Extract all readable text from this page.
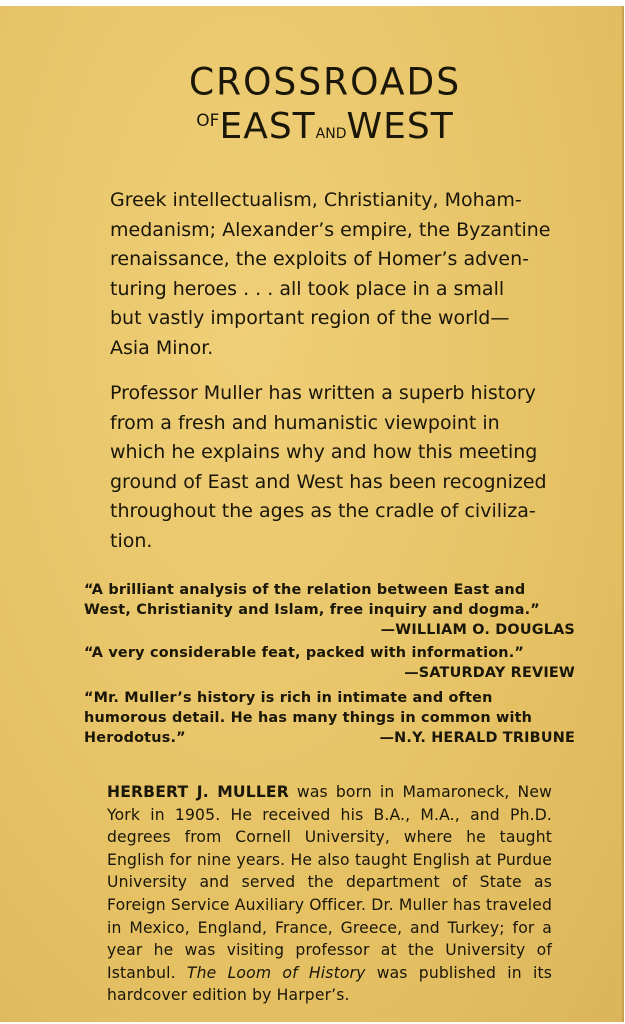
CROSSROADS
$^{OF}$EASTANDWEST
Greek intellectualism, Christianity, Moham-
medanism; Alexander’s empire, the Byzantine
renaissance, the exploits of Homer’s adven-
turing heroes . . . all took place in a small
but vastly important region of the world—
Asia Minor.
Professor Muller has written a superb history
from a fresh and humanistic viewpoint in
which he explains why and how this meeting
ground of East and West has been recognized
throughout the ages as the cradle of civiliza-
tion.
“A brilliant analysis of the relation between East and
West, Christianity and Islam, free inquiry and dogma.”
—WILLIAM O. DOUGLAS
“A very considerable feat, packed with information.”
—SATURDAY REVIEW
“Mr. Muller’s history is rich in intimate and often
humorous detail. He has many things in common with
Herodotus.”	—N.Y. HERALD TRIBUNE
HERBERT J. MULLER was born in Mamaroneck, New York in 1905. He received his B.A., M.A., and Ph.D. degrees from Cornell University, where he taught English for nine years. He also taught English at Purdue University and served the department of State as Foreign Service Auxiliary Officer. Dr. Muller has traveled in Mexico, England, France, Greece, and Turkey; for a year he was visiting professor at the University of Istanbul. The Loom of History was published in its hardcover edition by Harper’s.
